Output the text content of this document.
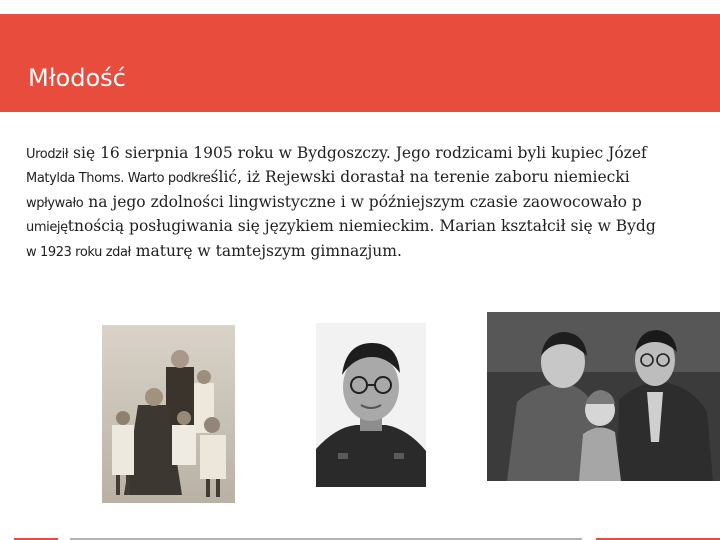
Młodość
Urodził się 16 sierpnia 1905 roku w Bydgoszczy. Jego rodzicami byli kupiec Józef
Matylda Thoms. Warto podkreślić, iż Rejewski dorastał na terenie zaboru niemiecki
wpływało na jego zdolności lingwistyczne i w późniejszym czasie zaowocowało p
umiejętnością posługiwania się językiem niemieckim. Marian kształcił się w Bydg
w 1923 roku zdał maturę w tamtejszym gimnazjum.
